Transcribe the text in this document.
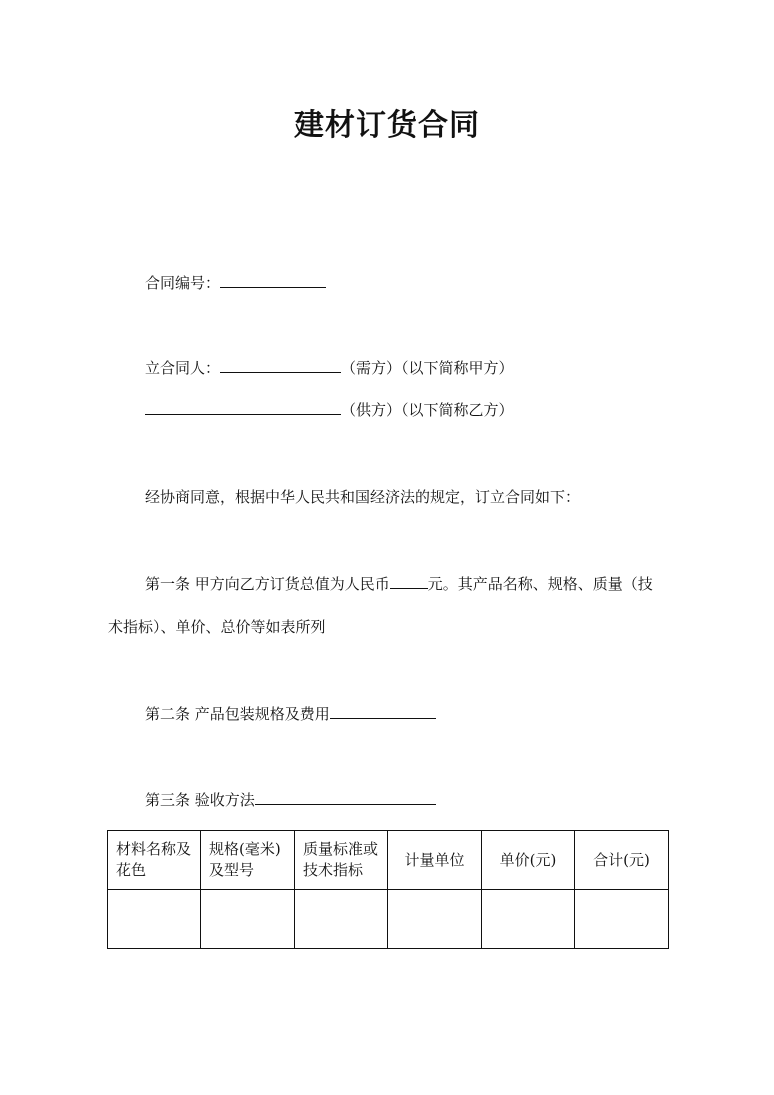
建材订货合同
合同编号：
立合同人：	（需方）（以下简称甲方）
（供方）（以下简称乙方）
经协商同意，根据中华人民共和国经济法的规定，订立合同如下：
第一条 甲方向乙方订货总值为人民币	元。其产品名称、规格、质量（技
术指标）、单价、总价等如表所列
第二条 产品包装规格及费用
第三条 验收方法
材料名称及花色	规格(毫米)及型号	质量标准或技术指标	计量单位	单价(元)	合计(元)
